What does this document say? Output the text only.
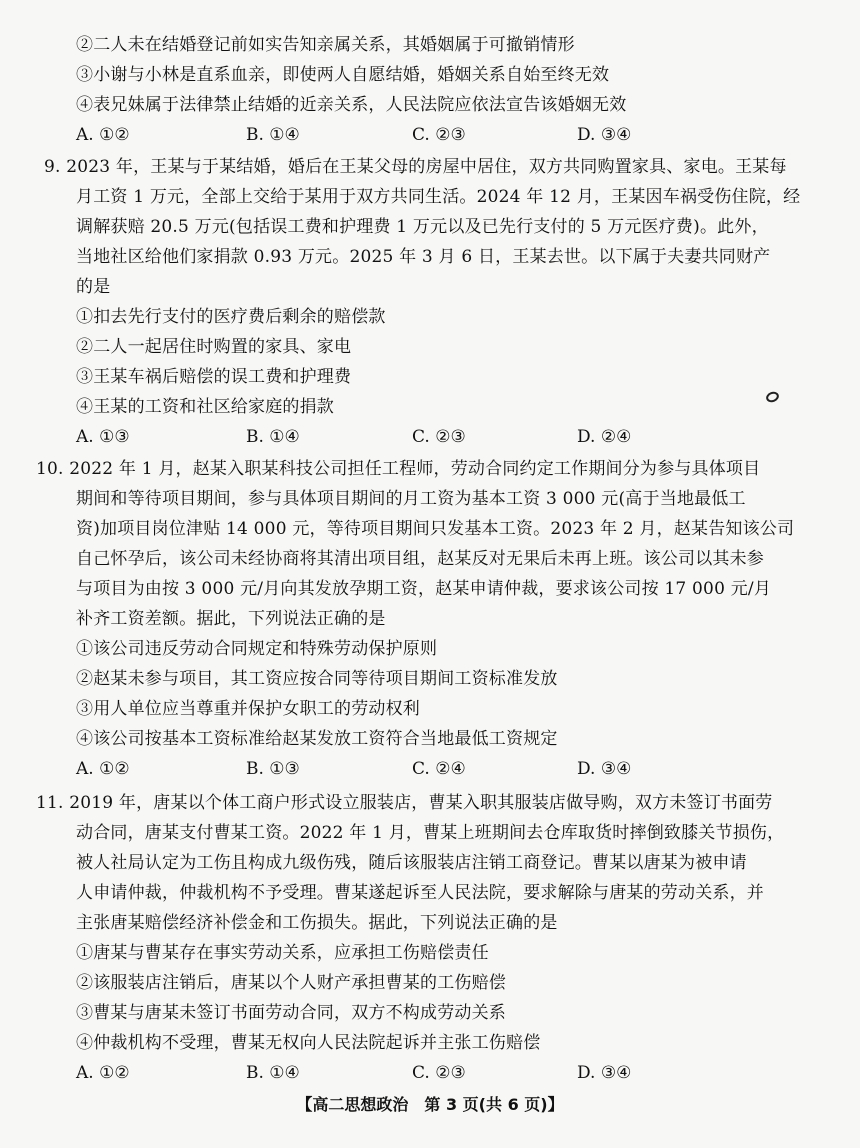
②二人未在结婚登记前如实告知亲属关系，其婚姻属于可撤销情形
③小谢与小林是直系血亲，即使两人自愿结婚，婚姻关系自始至终无效
④表兄妹属于法律禁止结婚的近亲关系，人民法院应依法宣告该婚姻无效
A. ①②	B. ①④	C. ②③	D. ③④
9. 2023 年，王某与于某结婚，婚后在王某父母的房屋中居住，双方共同购置家具、家电。王某每
月工资 1 万元，全部上交给于某用于双方共同生活。2024 年 12 月，王某因车祸受伤住院，经
调解获赔 20.5 万元(包括误工费和护理费 1 万元以及已先行支付的 5 万元医疗费)。此外，
当地社区给他们家捐款 0.93 万元。2025 年 3 月 6 日，王某去世。以下属于夫妻共同财产
的是
①扣去先行支付的医疗费后剩余的赔偿款
②二人一起居住时购置的家具、家电
③王某车祸后赔偿的误工费和护理费
④王某的工资和社区给家庭的捐款
A. ①③	B. ①④	C. ②③	D. ②④
10. 2022 年 1 月，赵某入职某科技公司担任工程师，劳动合同约定工作期间分为参与具体项目
期间和等待项目期间，参与具体项目期间的月工资为基本工资 3 000 元(高于当地最低工
资)加项目岗位津贴 14 000 元，等待项目期间只发基本工资。2023 年 2 月，赵某告知该公司
自己怀孕后，该公司未经协商将其清出项目组，赵某反对无果后未再上班。该公司以其未参
与项目为由按 3 000 元/月向其发放孕期工资，赵某申请仲裁，要求该公司按 17 000 元/月
补齐工资差额。据此，下列说法正确的是
①该公司违反劳动合同规定和特殊劳动保护原则
②赵某未参与项目，其工资应按合同等待项目期间工资标准发放
③用人单位应当尊重并保护女职工的劳动权利
④该公司按基本工资标准给赵某发放工资符合当地最低工资规定
A. ①②	B. ①③	C. ②④	D. ③④
11. 2019 年，唐某以个体工商户形式设立服装店，曹某入职其服装店做导购，双方未签订书面劳
动合同，唐某支付曹某工资。2022 年 1 月，曹某上班期间去仓库取货时摔倒致膝关节损伤，
被人社局认定为工伤且构成九级伤残，随后该服装店注销工商登记。曹某以唐某为被申请
人申请仲裁，仲裁机构不予受理。曹某遂起诉至人民法院，要求解除与唐某的劳动关系，并
主张唐某赔偿经济补偿金和工伤损失。据此，下列说法正确的是
①唐某与曹某存在事实劳动关系，应承担工伤赔偿责任
②该服装店注销后，唐某以个人财产承担曹某的工伤赔偿
③曹某与唐某未签订书面劳动合同，双方不构成劳动关系
④仲裁机构不受理，曹某无权向人民法院起诉并主张工伤赔偿
A. ①②	B. ①④	C. ②③	D. ③④
【高二思想政治　第 3 页(共 6 页)】
